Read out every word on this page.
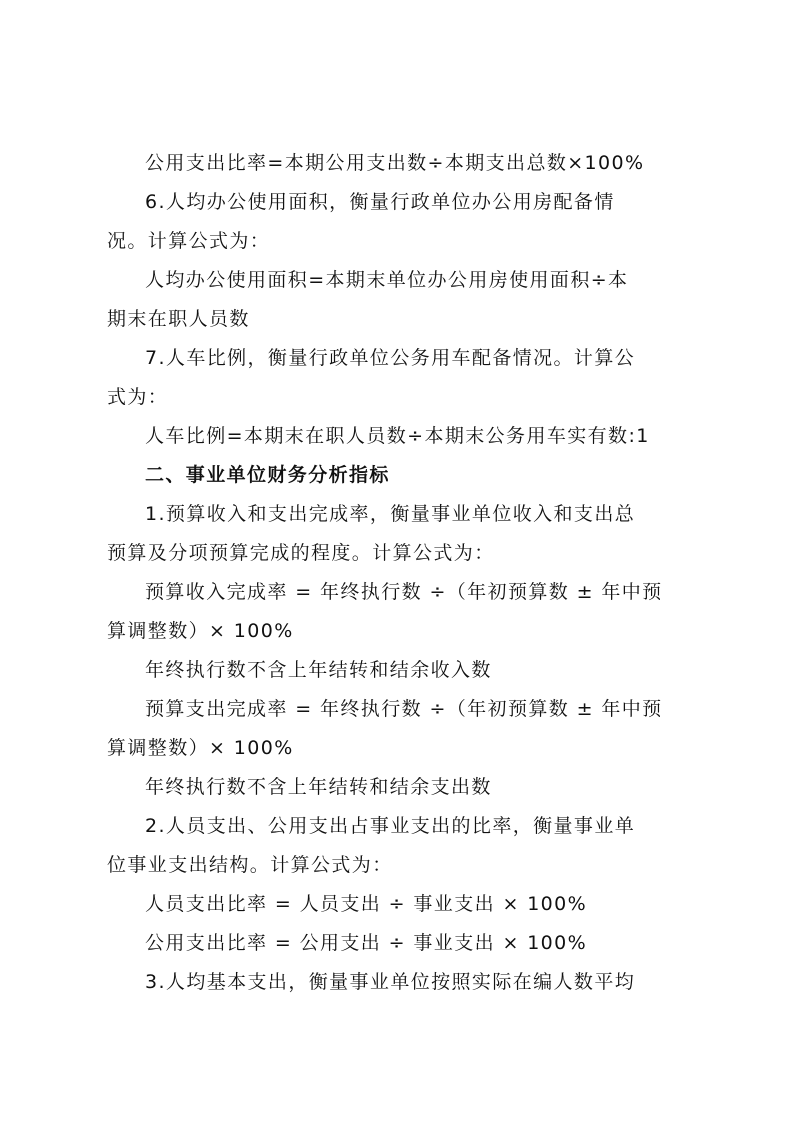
公用支出比率=本期公用支出数÷本期支出总数×100%
6.人均办公使用面积，衡量行政单位办公用房配备情
况。计算公式为：
人均办公使用面积=本期末单位办公用房使用面积÷本
期末在职人员数
7.人车比例，衡量行政单位公务用车配备情况。计算公
式为：
人车比例=本期末在职人员数÷本期末公务用车实有数:1
二、事业单位财务分析指标
1.预算收入和支出完成率，衡量事业单位收入和支出总
预算及分项预算完成的程度。计算公式为：
预算收入完成率 = 年终执行数 ÷（年初预算数 ± 年中预
算调整数）× 100%
年终执行数不含上年结转和结余收入数
预算支出完成率 = 年终执行数 ÷（年初预算数 ± 年中预
算调整数）× 100%
年终执行数不含上年结转和结余支出数
2.人员支出、公用支出占事业支出的比率，衡量事业单
位事业支出结构。计算公式为：
人员支出比率 = 人员支出 ÷ 事业支出 × 100%
公用支出比率 = 公用支出 ÷ 事业支出 × 100%
3.人均基本支出，衡量事业单位按照实际在编人数平均
